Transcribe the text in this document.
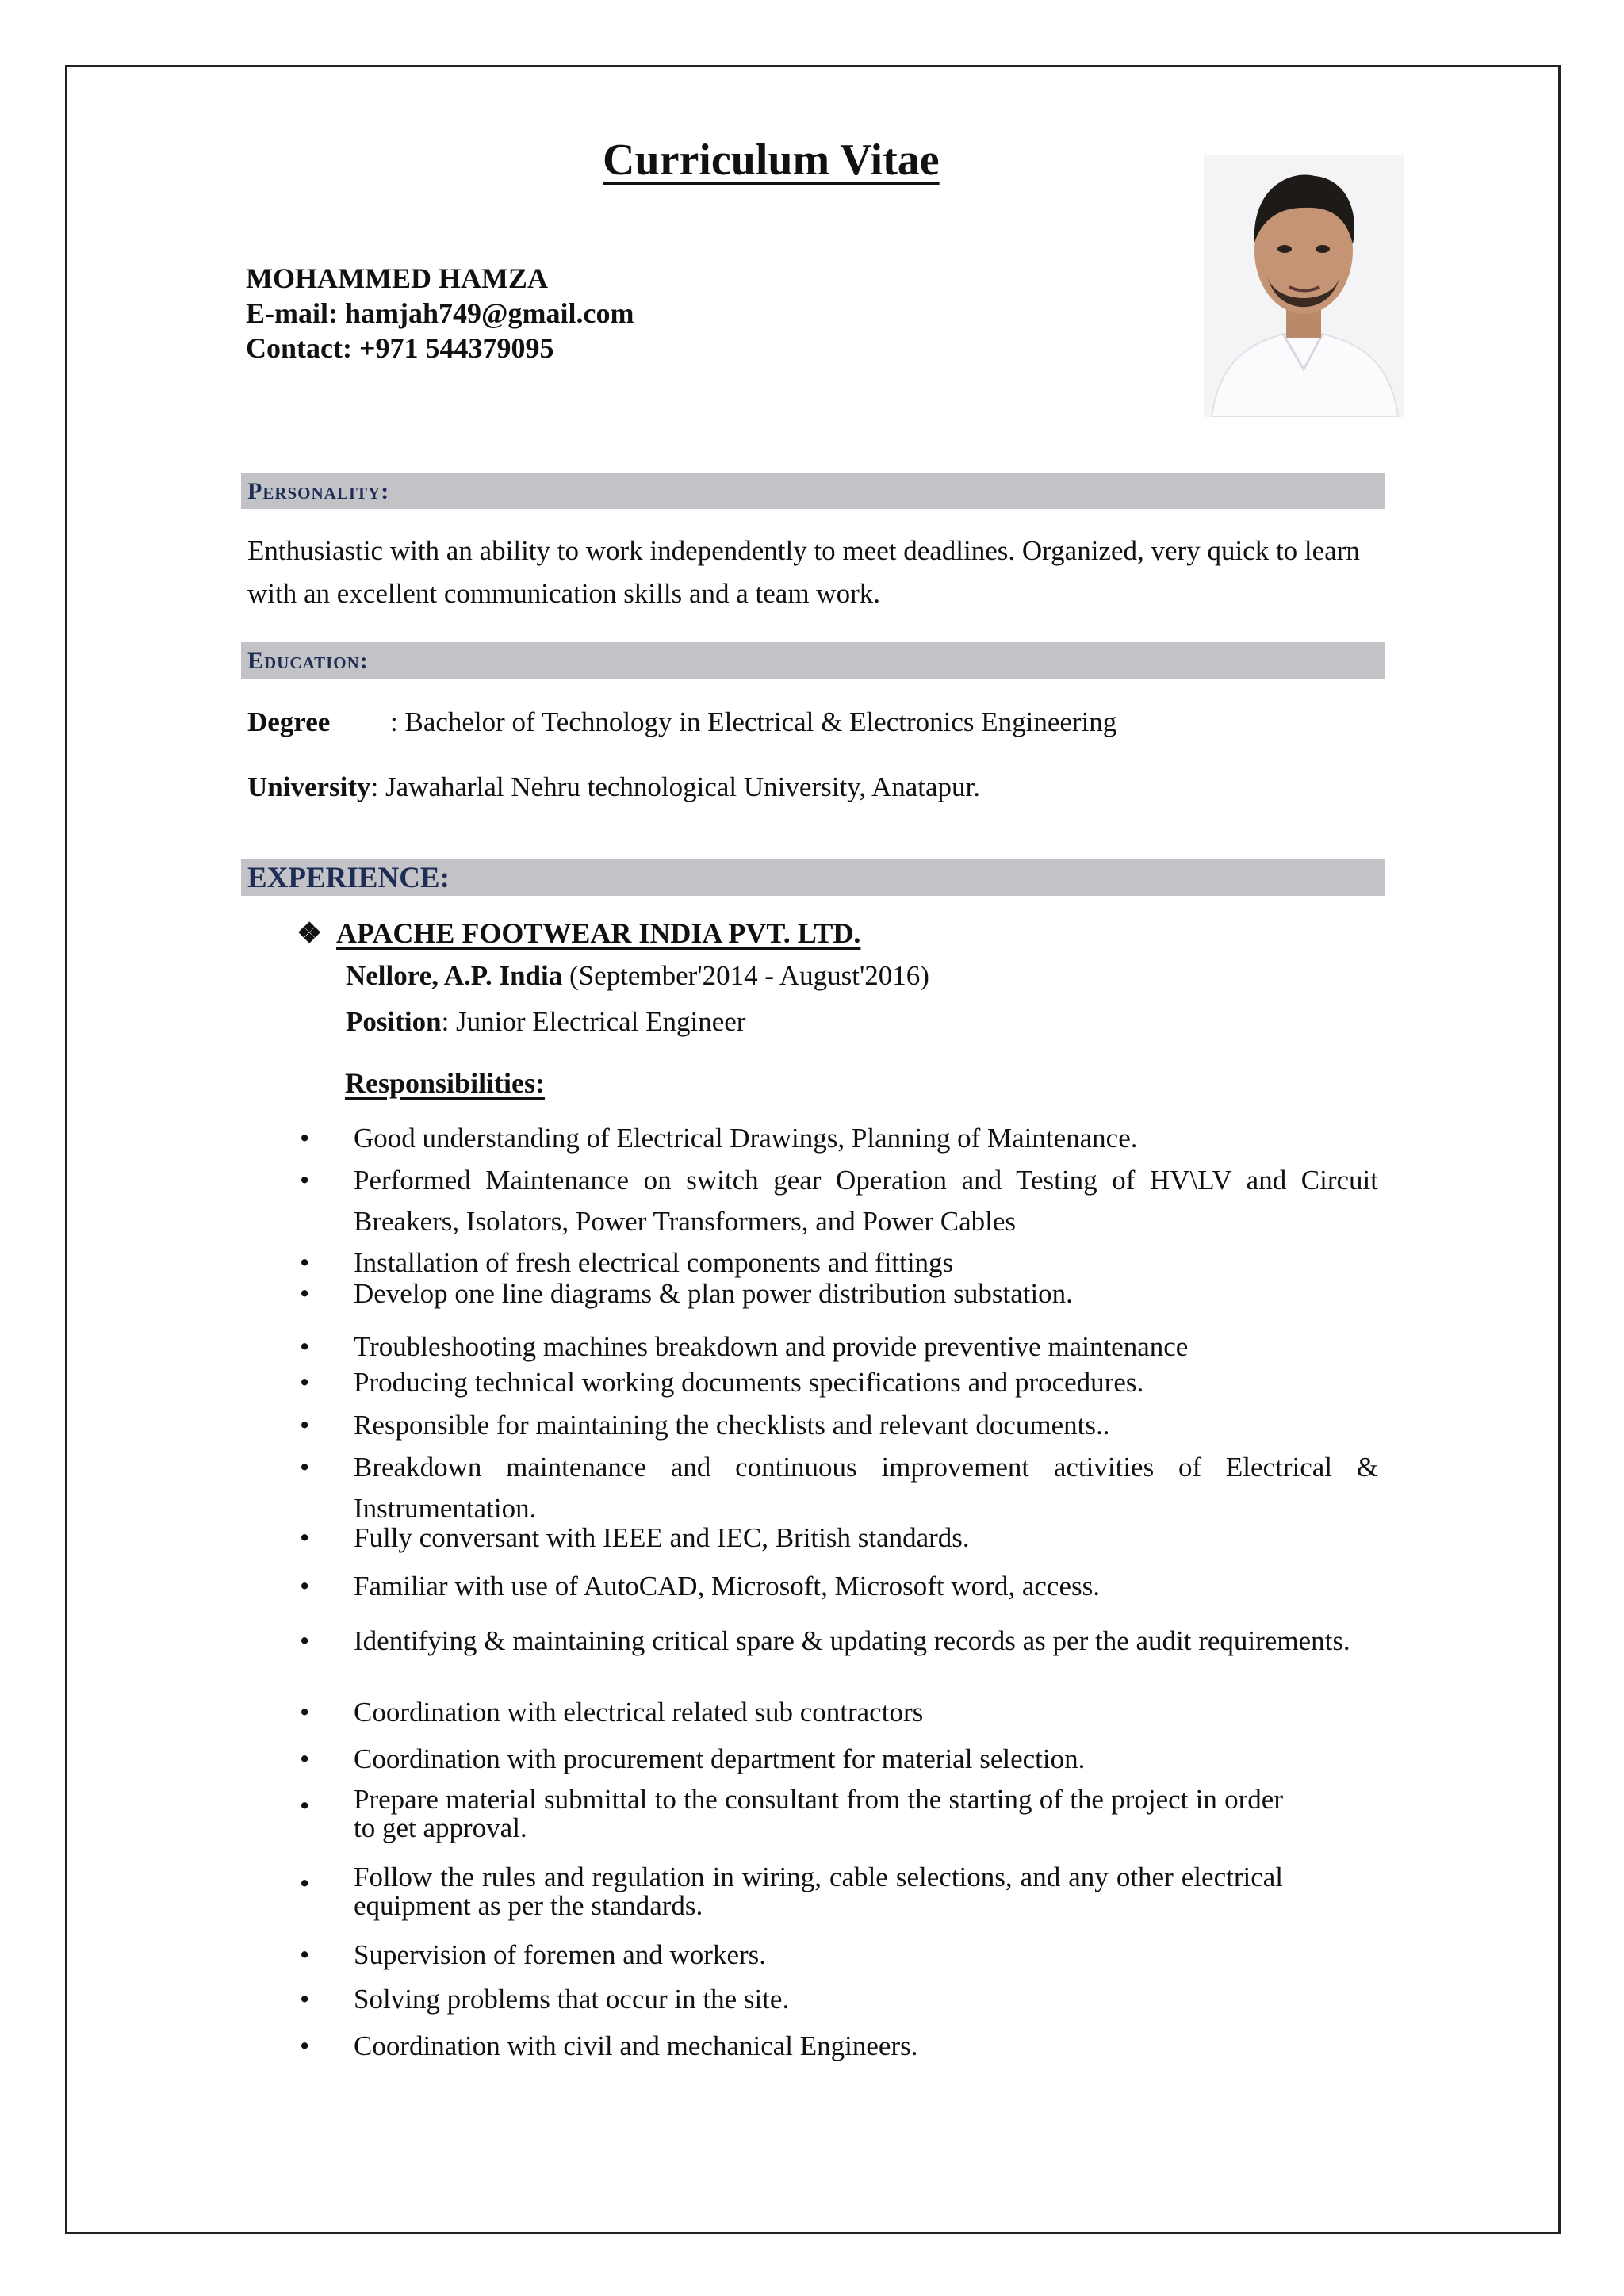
Curriculum Vitae
MOHAMMED HAMZA
E-mail: hamjah749@gmail.com
Contact: +971 544379095
Personality:
Enthusiastic with an ability to work independently to meet deadlines. Organized, very quick to learn with an excellent communication skills and a team work.
Education:
Degree : Bachelor of Technology in Electrical & Electronics Engineering
University: Jawaharlal Nehru technological University, Anatapur.
EXPERIENCE:
❖ APACHE FOOTWEAR INDIA PVT. LTD.
Nellore, A.P. India (September'2014 - August'2016)
Position: Junior Electrical Engineer
Responsibilities:
•	Good understanding of Electrical Drawings, Planning of Maintenance.
•	Performed Maintenance on switch gear Operation and Testing of HV\LV and Circuit Breakers, Isolators, Power Transformers, and Power Cables
•	Installation of fresh electrical components and fittings
•	Develop one line diagrams & plan power distribution substation.
•	Troubleshooting machines breakdown and provide preventive maintenance
•	Producing technical working documents specifications and procedures.
•	Responsible for maintaining the checklists and relevant documents..
•	Breakdown maintenance and continuous improvement activities of Electrical & Instrumentation.
•	Fully conversant with IEEE and IEC, British standards.
•	Familiar with use of AutoCAD, Microsoft, Microsoft word, access.
•	Identifying & maintaining critical spare & updating records as per the audit requirements.
•	Coordination with electrical related sub contractors
•	Coordination with procurement department for material selection.
•	Prepare material submittal to the consultant from the starting of the project in order to get approval.
•	Follow the rules and regulation in wiring, cable selections, and any other electrical equipment as per the standards.
•	Supervision of foremen and workers.
•	Solving problems that occur in the site.
•	Coordination with civil and mechanical Engineers.
